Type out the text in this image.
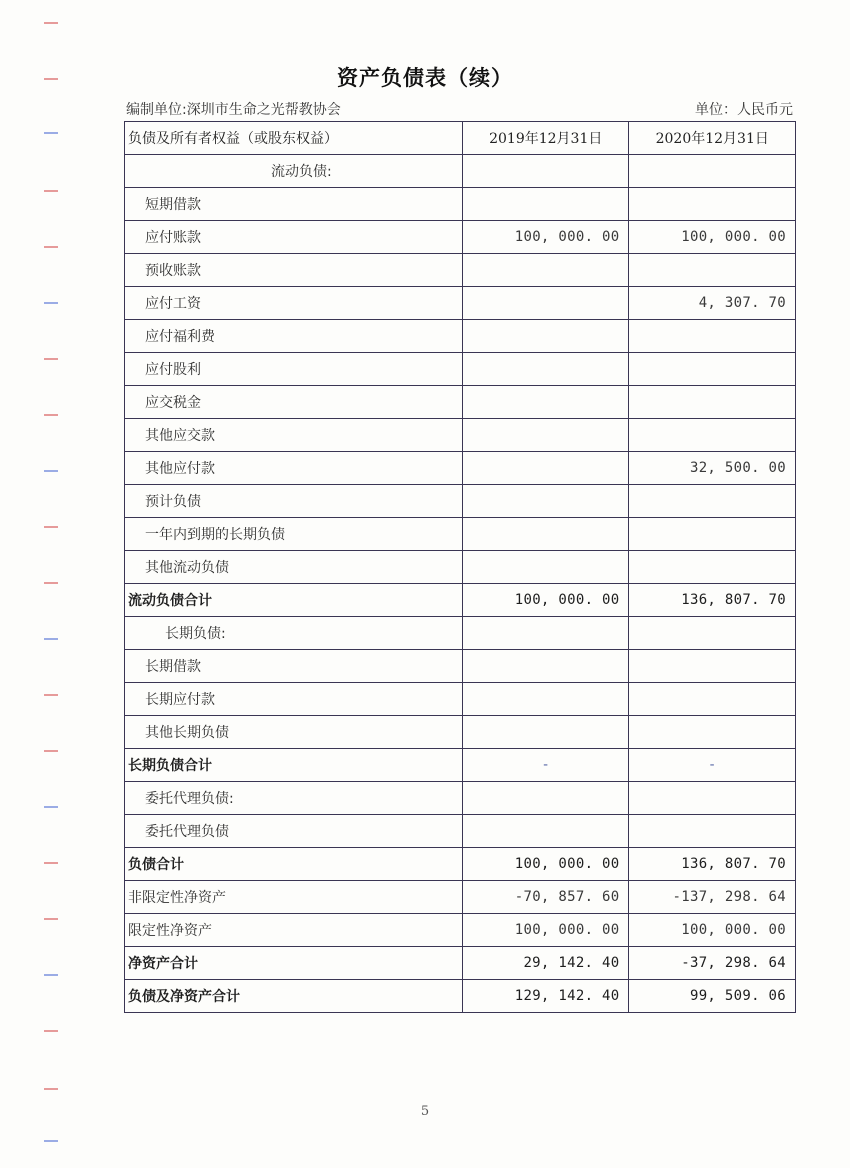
资产负债表（续）
编制单位:深圳市生命之光帮教协会	单位：人民币元
负债及所有者权益（或股东权益）	2019年12月31日	2020年12月31日
流动负债:		
短期借款		
应付账款	100, 000. 00	100, 000. 00
预收账款		
应付工资		4, 307. 70
应付福利费		
应付股利		
应交税金		
其他应交款		
其他应付款		32, 500. 00
预计负债		
一年内到期的长期负债		
其他流动负债		
流动负债合计	100, 000. 00	136, 807. 70
长期负债:		
长期借款		
长期应付款		
其他长期负债		
长期负债合计	-	-
委托代理负债:		
委托代理负债		
负债合计	100, 000. 00	136, 807. 70
非限定性净资产	-70, 857. 60	-137, 298. 64
限定性净资产	100, 000. 00	100, 000. 00
净资产合计	29, 142. 40	-37, 298. 64
负债及净资产合计	129, 142. 40	99, 509. 06
5
